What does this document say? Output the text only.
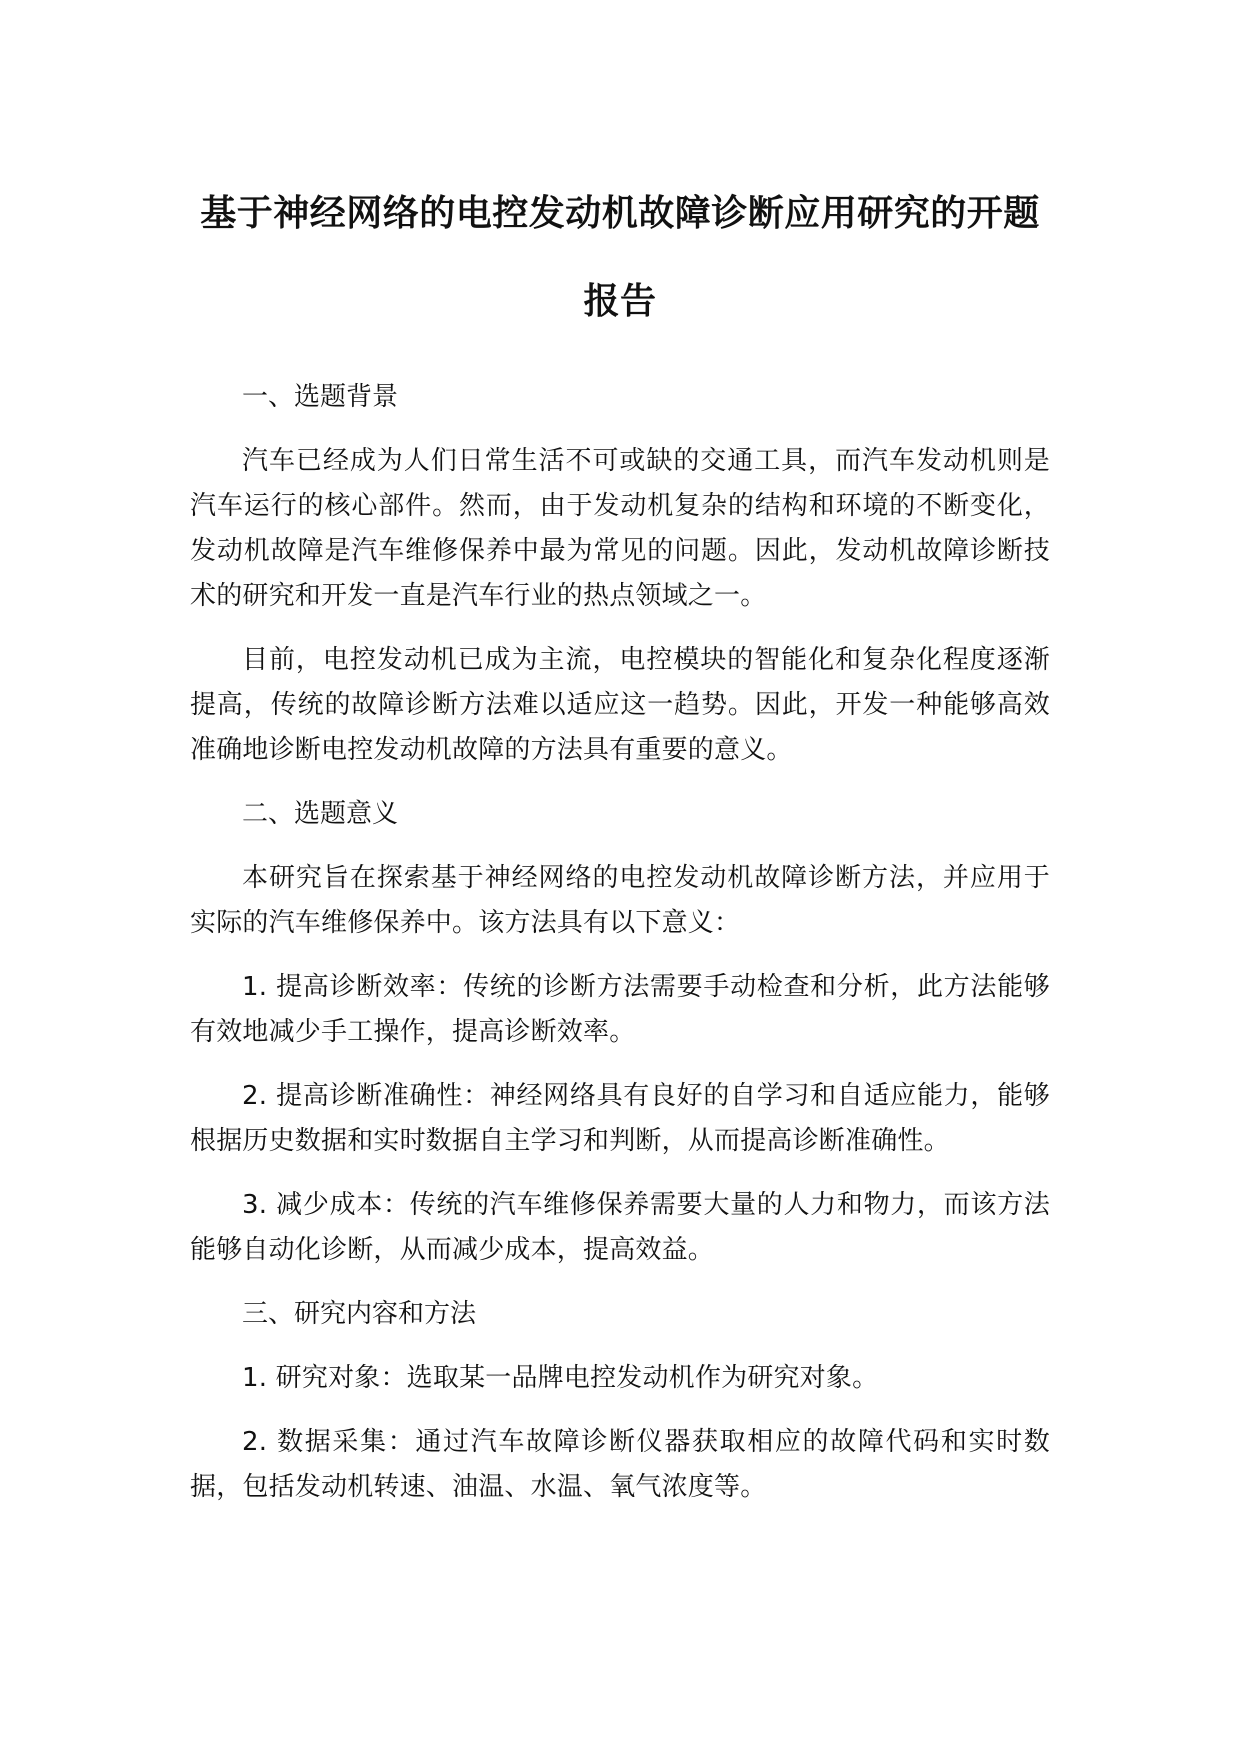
基于神经网络的电控发动机故障诊断应用研究的开题报告

一、选题背景

汽车已经成为人们日常生活不可或缺的交通工具，而汽车发动机则是汽车运行的核心部件。然而，由于发动机复杂的结构和环境的不断变化，发动机故障是汽车维修保养中最为常见的问题。因此，发动机故障诊断技术的研究和开发一直是汽车行业的热点领域之一。

目前，电控发动机已成为主流，电控模块的智能化和复杂化程度逐渐提高，传统的故障诊断方法难以适应这一趋势。因此，开发一种能够高效准确地诊断电控发动机故障的方法具有重要的意义。

二、选题意义

本研究旨在探索基于神经网络的电控发动机故障诊断方法，并应用于实际的汽车维修保养中。该方法具有以下意义：

1. 提高诊断效率：传统的诊断方法需要手动检查和分析，此方法能够有效地减少手工操作，提高诊断效率。

2. 提高诊断准确性：神经网络具有良好的自学习和自适应能力，能够根据历史数据和实时数据自主学习和判断，从而提高诊断准确性。

3. 减少成本：传统的汽车维修保养需要大量的人力和物力，而该方法能够自动化诊断，从而减少成本，提高效益。

三、研究内容和方法

1. 研究对象：选取某一品牌电控发动机作为研究对象。

2. 数据采集：通过汽车故障诊断仪器获取相应的故障代码和实时数据，包括发动机转速、油温、水温、氧气浓度等。
